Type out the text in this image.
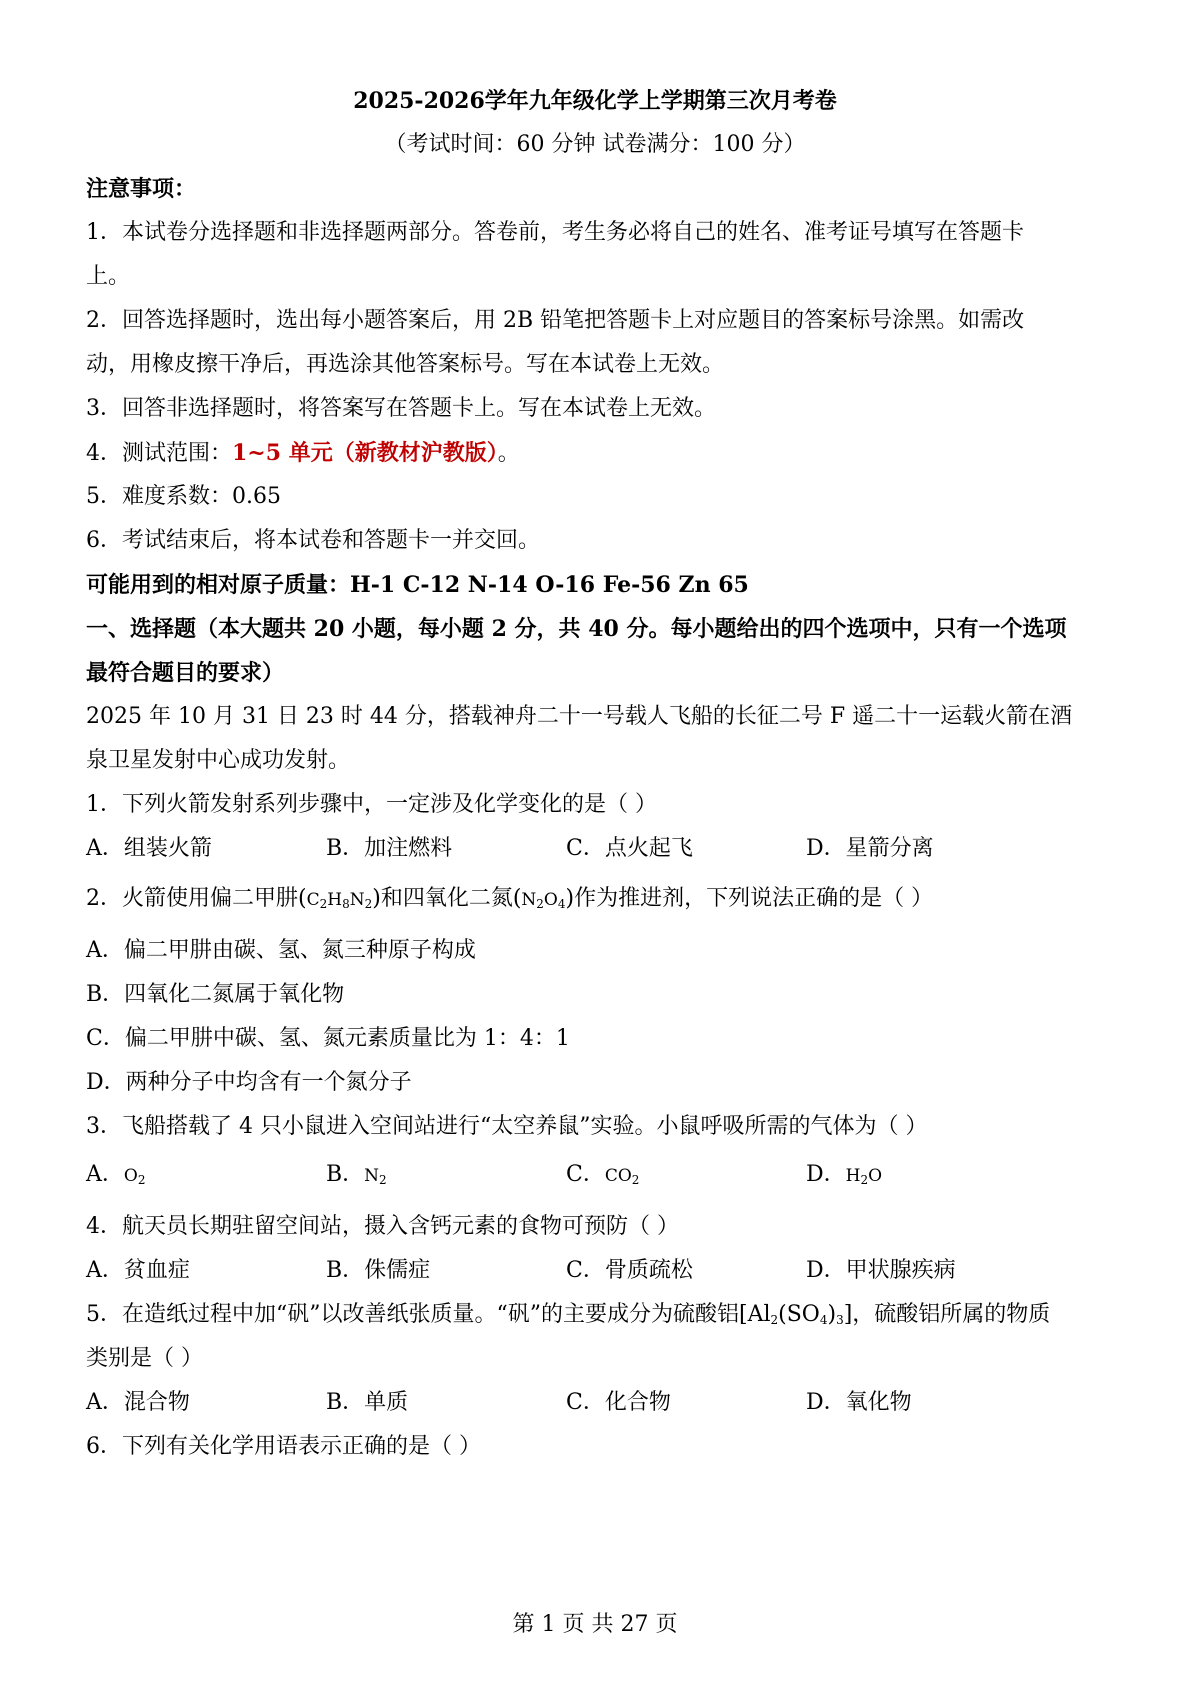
2025-2026学年九年级化学上学期第三次月考卷
（考试时间：60 分钟 试卷满分：100 分）
注意事项：
1．本试卷分选择题和非选择题两部分。答卷前，考生务必将自己的姓名、准考证号填写在答题卡
上。
2．回答选择题时，选出每小题答案后，用 2B 铅笔把答题卡上对应题目的答案标号涂黑。如需改
动，用橡皮擦干净后，再选涂其他答案标号。写在本试卷上无效。
3．回答非选择题时，将答案写在答题卡上。写在本试卷上无效。
4．测试范围：1~5 单元（新教材沪教版）。
5．难度系数：0.65
6．考试结束后，将本试卷和答题卡一并交回。
可能用到的相对原子质量：H-1 C-12 N-14 O-16 Fe-56 Zn 65
一、选择题（本大题共 20 小题，每小题 2 分，共 40 分。每小题给出的四个选项中，只有一个选项
最符合题目的要求）
2025 年 10 月 31 日 23 时 44 分，搭载神舟二十一号载人飞船的长征二号 F 遥二十一运载火箭在酒
泉卫星发射中心成功发射。
1．下列火箭发射系列步骤中，一定涉及化学变化的是（ ）
A．组装火箭	B．加注燃料	C．点火起飞	D．星箭分离
2．火箭使用偏二甲肼$(C_2H_8N_2)$和四氧化二氮$(N_2O_4)$作为推进剂，下列说法正确的是（ ）
A．偏二甲肼由碳、氢、氮三种原子构成
B．四氧化二氮属于氧化物
C．偏二甲肼中碳、氢、氮元素质量比为 1：4：1
D．两种分子中均含有一个氮分子
3．飞船搭载了 4 只小鼠进入空间站进行“太空养鼠”实验。小鼠呼吸所需的气体为（ ）
A．$O_2$	B．$N_2$	C．$CO_2$	D．$H_2O$
4．航天员长期驻留空间站，摄入含钙元素的食物可预防（ ）
A．贫血症	B．侏儒症	C．骨质疏松	D．甲状腺疾病
5．在造纸过程中加“矾”以改善纸张质量。“矾”的主要成分为硫酸铝$[Al_2(SO_4)_3]$，硫酸铝所属的物质
类别是（ ）
A．混合物	B．单质	C．化合物	D．氧化物
6．下列有关化学用语表示正确的是（ ）
第 1 页 共 27 页
